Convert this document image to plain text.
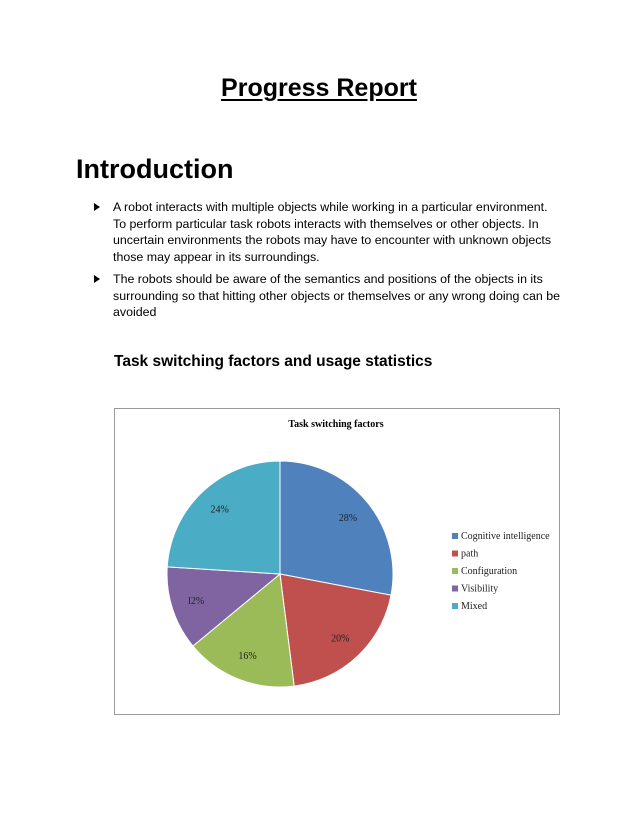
Progress Report
Introduction
A robot interacts with multiple objects while working in a particular environment. To perform particular task robots interacts with themselves or other objects. In uncertain environments the robots may have to encounter with unknown objects those may appear in its surroundings.
The robots should be aware of the semantics and positions of the objects in its surrounding so that hitting other objects or themselves or any wrong doing can be avoided
Task switching factors and usage statistics
Task switching factors
28%
20%
16%
l2%
24%
Cognitive intelligence
path
Configuration
Visibility
Mixed
